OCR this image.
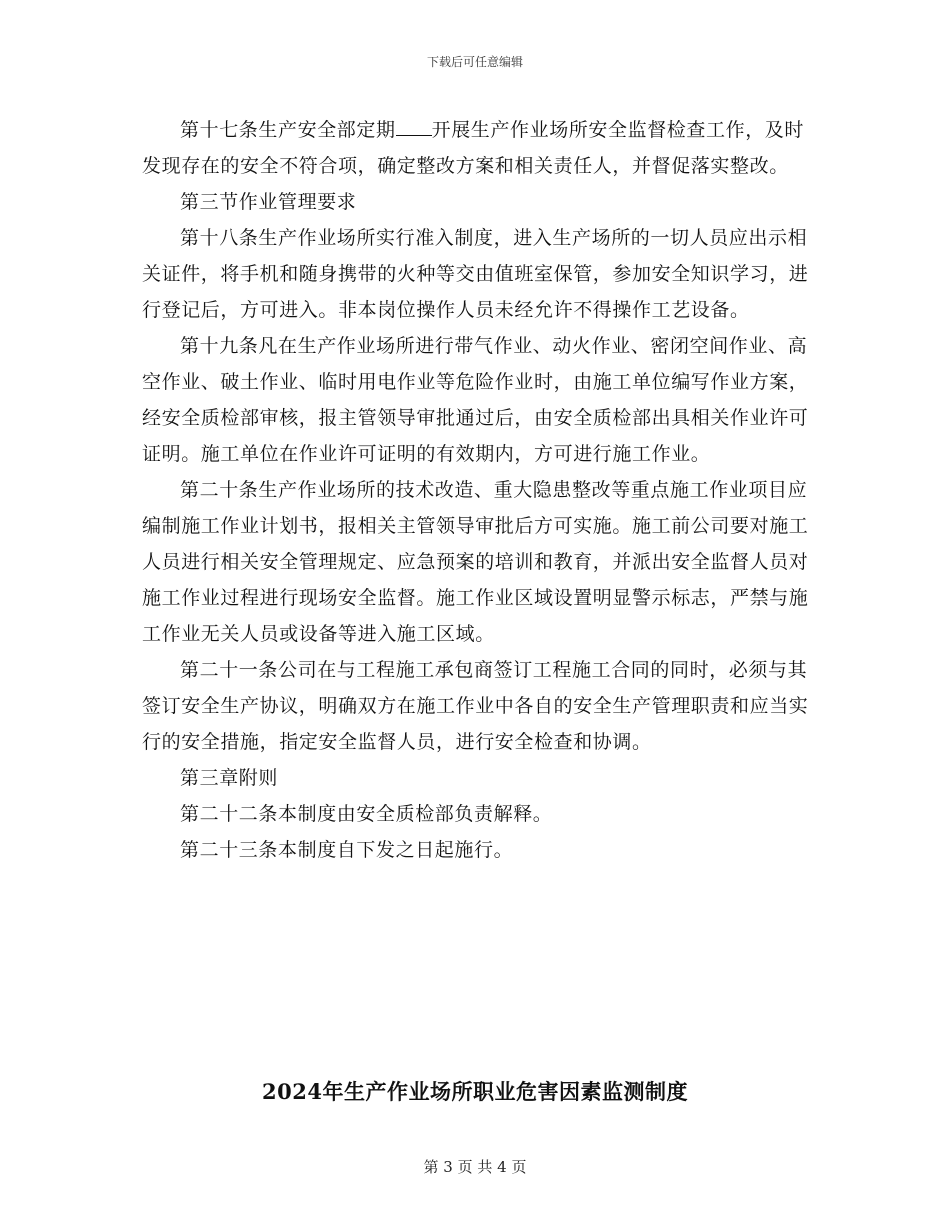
下载后可任意编辑

第十七条生产安全部定期 开展生产作业场所安全监督检查工作，及时发现存在的安全不符合项，确定整改方案和相关责任人，并督促落实整改。

第三节作业管理要求

第十八条生产作业场所实行准入制度，进入生产场所的一切人员应出示相关证件，将手机和随身携带的火种等交由值班室保管，参加安全知识学习，进行登记后，方可进入。非本岗位操作人员未经允许不得操作工艺设备。

第十九条凡在生产作业场所进行带气作业、动火作业、密闭空间作业、高空作业、破土作业、临时用电作业等危险作业时，由施工单位编写作业方案，经安全质检部审核，报主管领导审批通过后，由安全质检部出具相关作业许可证明。施工单位在作业许可证明的有效期内，方可进行施工作业。

第二十条生产作业场所的技术改造、重大隐患整改等重点施工作业项目应编制施工作业计划书，报相关主管领导审批后方可实施。施工前公司要对施工人员进行相关安全管理规定、应急预案的培训和教育，并派出安全监督人员对施工作业过程进行现场安全监督。施工作业区域设置明显警示标志，严禁与施工作业无关人员或设备等进入施工区域。

第二十一条公司在与工程施工承包商签订工程施工合同的同时，必须与其签订安全生产协议，明确双方在施工作业中各自的安全生产管理职责和应当实行的安全措施，指定安全监督人员，进行安全检查和协调。

第三章附则

第二十二条本制度由安全质检部负责解释。

第二十三条本制度自下发之日起施行。

2024年生产作业场所职业危害因素监测制度
第 3 页 共 4 页
